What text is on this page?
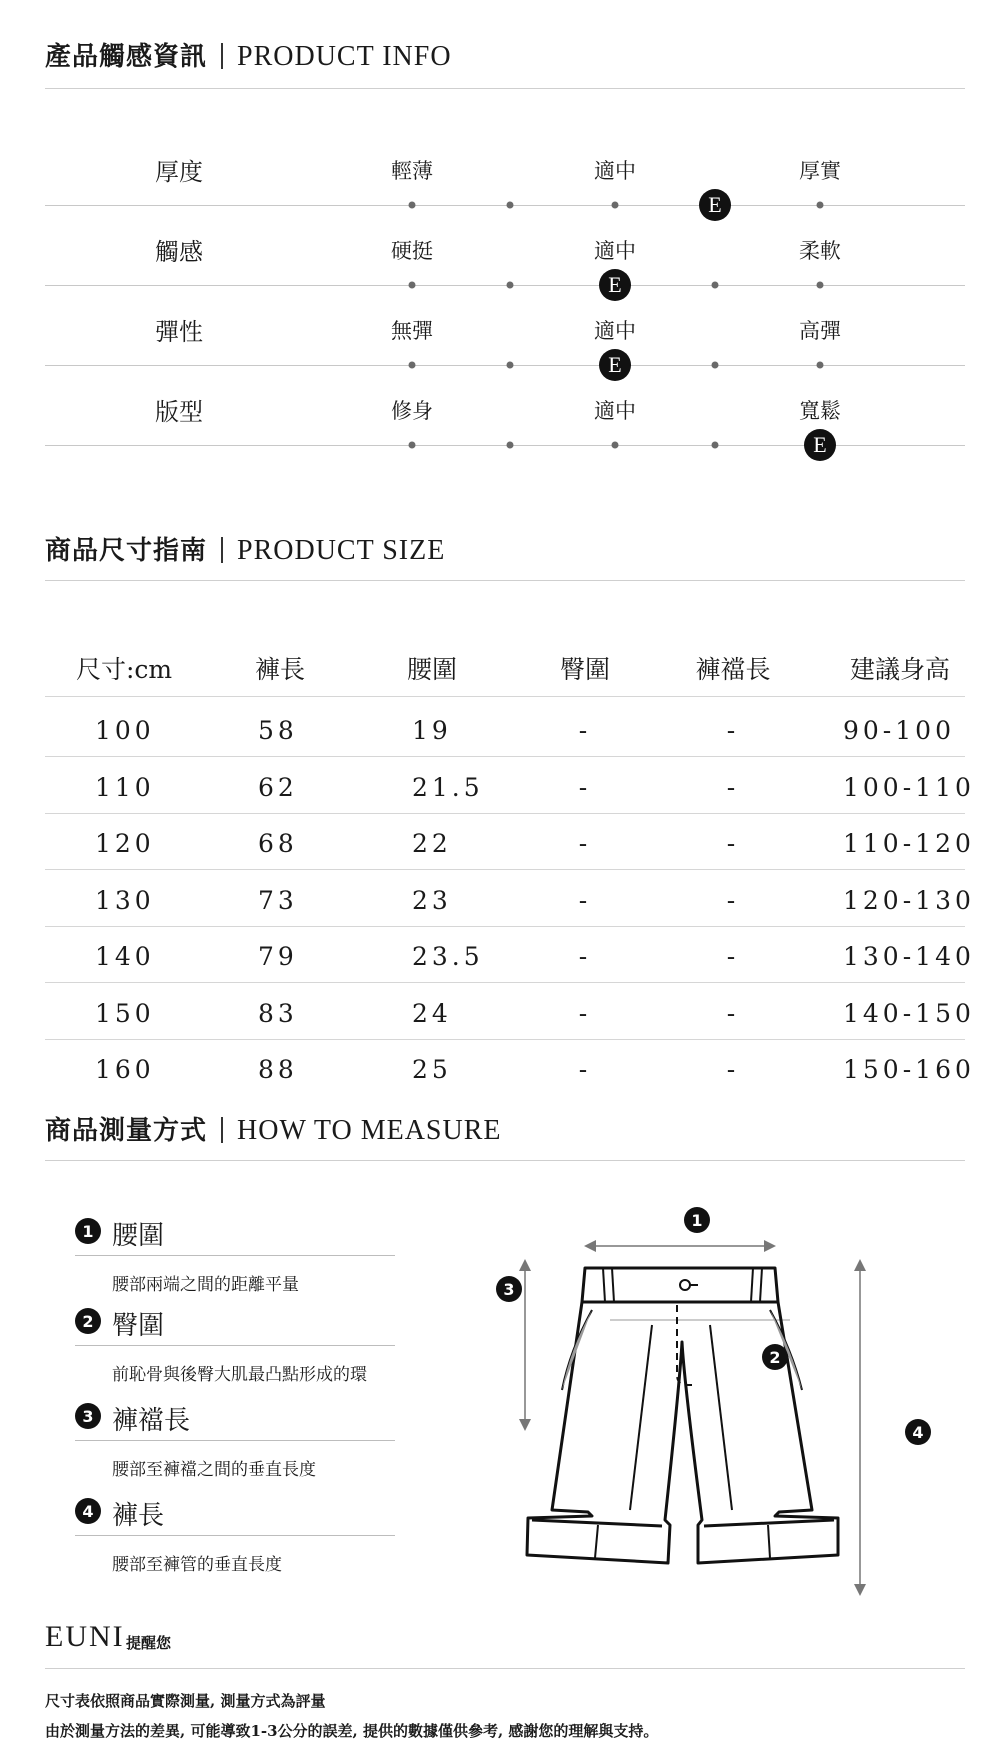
產品觸感資訊 PRODUCT INFO
厚度	輕薄	適中	厚實
E
觸感	硬挺	適中	柔軟
E
彈性	無彈	適中	高彈
E
版型	修身	適中	寬鬆
E
商品尺寸指南 PRODUCT SIZE
尺寸:cm	褲長	腰圍	臀圍	褲襠長	建議身高
100	58	19	-	-	90-100
110	62	21.5	-	-	100-110
120	68	22	-	-	110-120
130	73	23	-	-	120-130
140	79	23.5	-	-	130-140
150	83	24	-	-	140-150
160	88	25	-	-	150-160
商品測量方式 HOW TO MEASURE
1 腰圍
腰部兩端之間的距離平量
2 臀圍
前恥骨與後臀大肌最凸點形成的環
3 褲襠長
腰部至褲襠之間的垂直長度
4 褲長
腰部至褲管的垂直長度
1
2
3
4
EUNI 提醒您
尺寸表依照商品實際測量, 測量方式為評量
由於測量方法的差異, 可能導致1-3公分的誤差, 提供的數據僅供參考, 感謝您的理解與支持。
